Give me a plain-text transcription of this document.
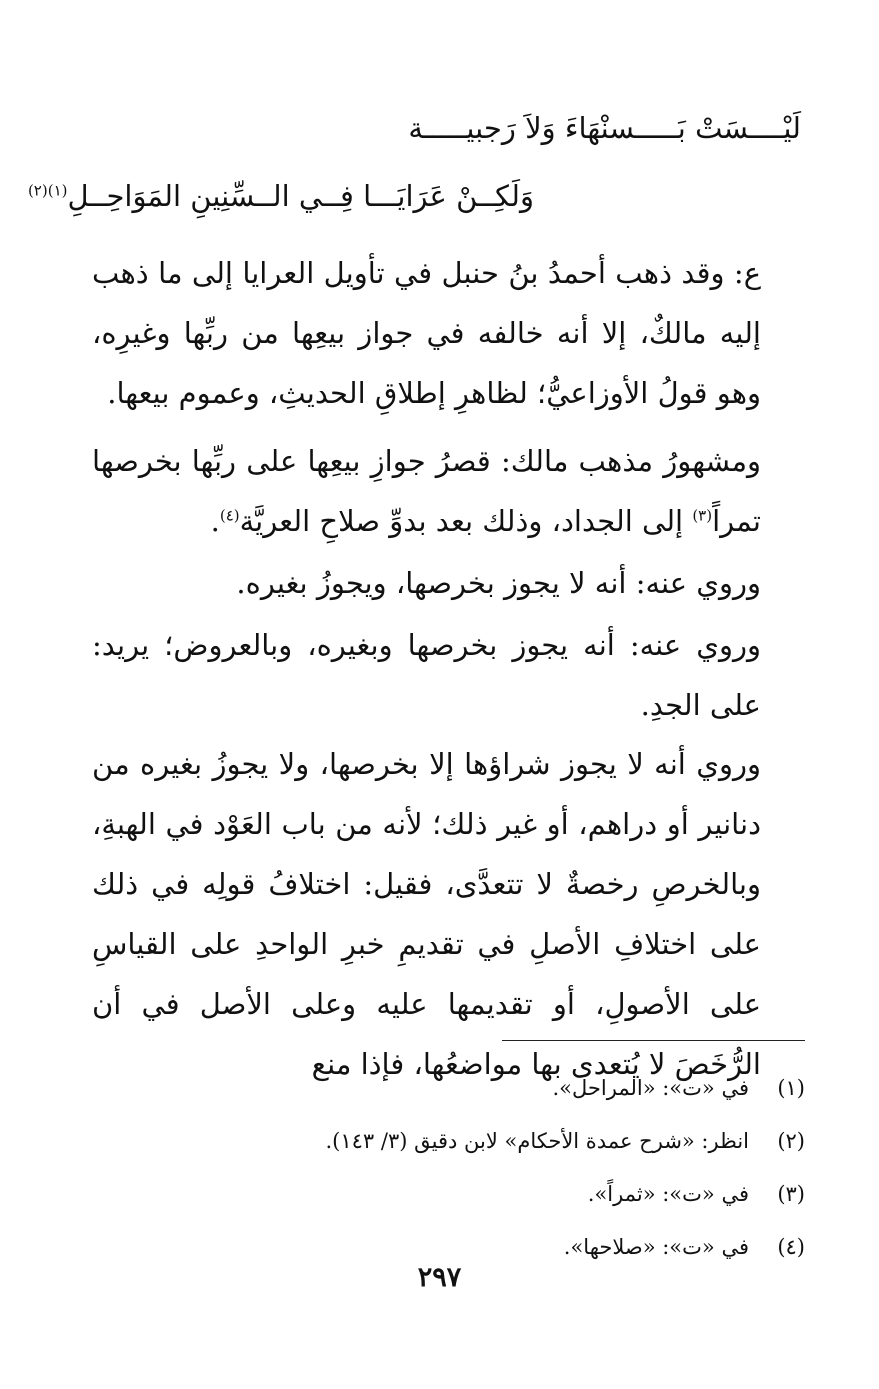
لَيْــــسَتْ بَـــــسنْهَاءَ وَلاَ رَجبيـــــة
وَلَكِــنْ عَرَايَـــا فِــي الــسِّنِينِ المَوَاحِــلِ$^{(١)(٢)}$

ع: وقد ذهب أحمدُ بنُ حنبل في تأويل العرايا إلى ما ذهب إليه مالكٌ، إلا أنه خالفه في جواز بيعِها من ربِّها وغيرِه، وهو قولُ الأوزاعيُّ؛ لظاهرِ إطلاقِ الحديثِ، وعموم بيعها.

ومشهورُ مذهب مالك: قصرُ جوازِ بيعِها على ربِّها بخرصها تمراً$^{(٣)}$ إلى الجداد، وذلك بعد بدوِّ صلاحِ العريَّة$^{(٤)}$.

وروي عنه: أنه لا يجوز بخرصها، ويجوزُ بغيره.

وروي عنه: أنه يجوز بخرصها وبغيره، وبالعروض؛ يريد: على الجدِ.

وروي أنه لا يجوز شراؤها إلا بخرصها، ولا يجوزُ بغيره من دنانير أو دراهم، أو غير ذلك؛ لأنه من باب العَوْد في الهبةِ، وبالخرصِ رخصةٌ لا تتعدَّى، فقيل: اختلافُ قولِه في ذلك على اختلافِ الأصلِ في تقديمِ خبرِ الواحدِ على القياسِ على الأصولِ، أو تقديمها عليه وعلى الأصل في أن الرُّخَصَ لا يُتعدى بها مواضعُها، فإذا منع

(١)في «ت»: «المراحل».
(٢)انظر: «شرح عمدة الأحكام» لابن دقيق (٣/ ١٤٣).
(٣)في «ت»: «ثمراً».
(٤)في «ت»: «صلاحها».
٢٩٧
